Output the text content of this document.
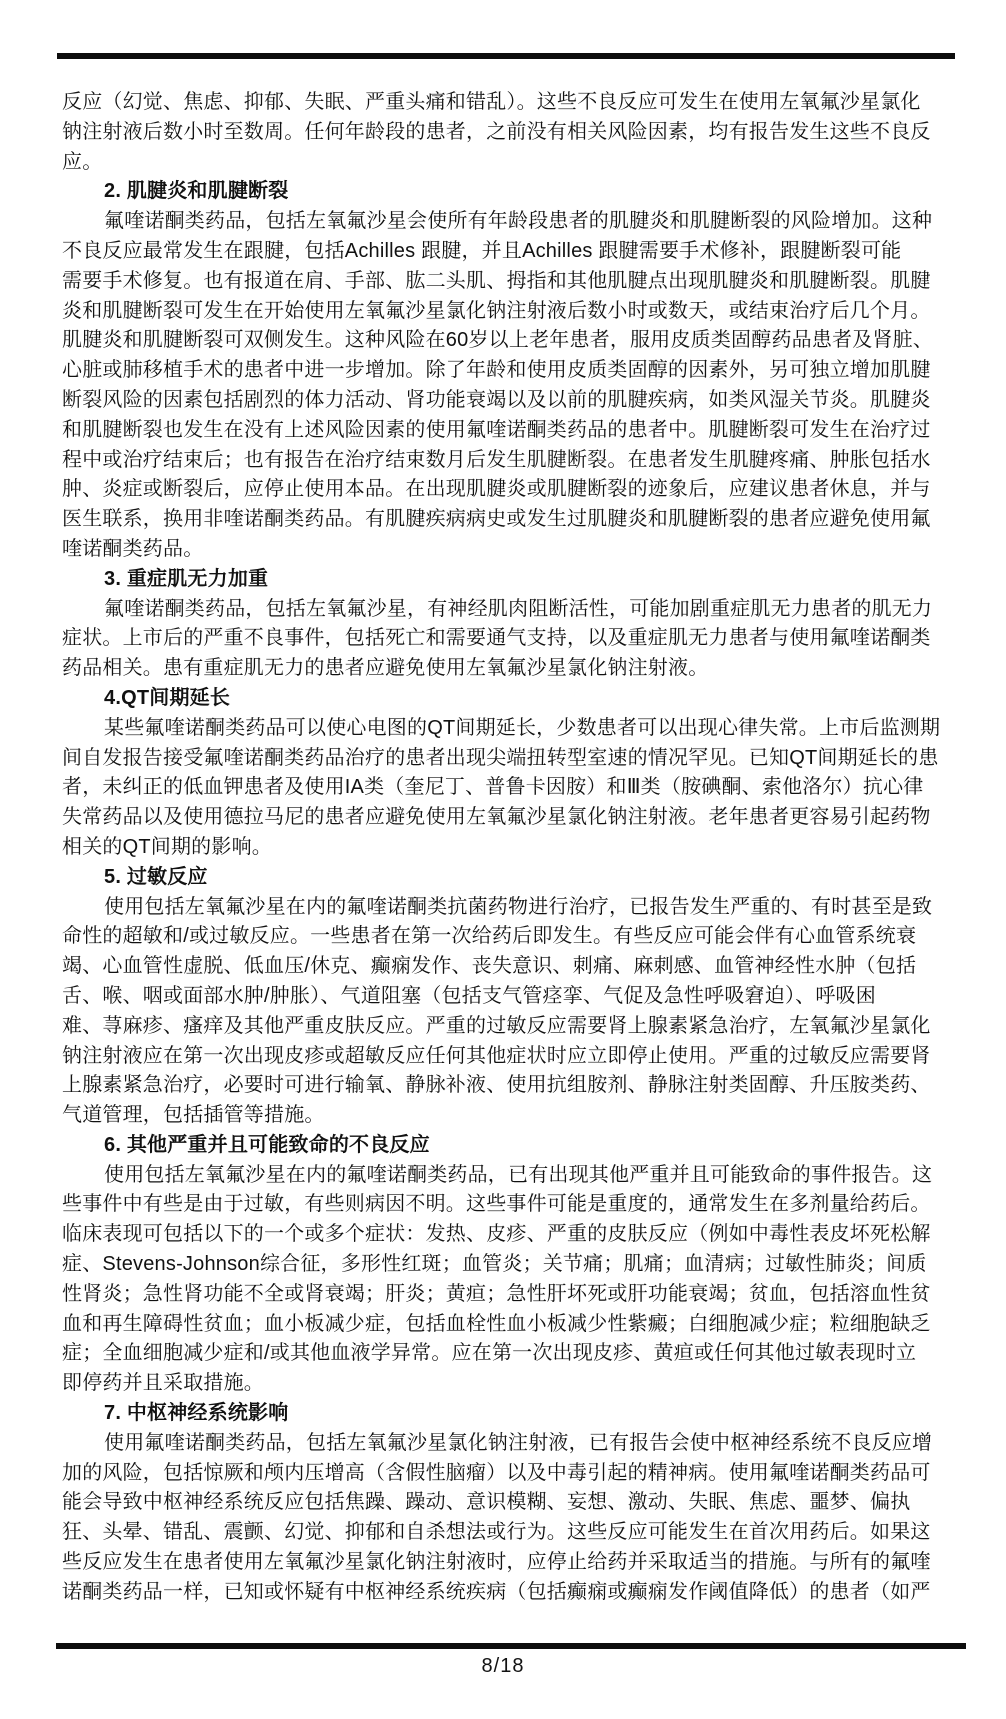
反应（幻觉、焦虑、抑郁、失眠、严重头痛和错乱）。这些不良反应可发生在使用左氧氟沙星氯化
钠注射液后数小时至数周。任何年龄段的患者，之前没有相关风险因素，均有报告发生这些不良反
应。
2. 肌腱炎和肌腱断裂
氟喹诺酮类药品，包括左氧氟沙星会使所有年龄段患者的肌腱炎和肌腱断裂的风险增加。这种
不良反应最常发生在跟腱，包括Achilles 跟腱，并且Achilles 跟腱需要手术修补，跟腱断裂可能
需要手术修复。也有报道在肩、手部、肱二头肌、拇指和其他肌腱点出现肌腱炎和肌腱断裂。肌腱
炎和肌腱断裂可发生在开始使用左氧氟沙星氯化钠注射液后数小时或数天，或结束治疗后几个月。
肌腱炎和肌腱断裂可双侧发生。这种风险在60岁以上老年患者，服用皮质类固醇药品患者及肾脏、
心脏或肺移植手术的患者中进一步增加。除了年龄和使用皮质类固醇的因素外，另可独立增加肌腱
断裂风险的因素包括剧烈的体力活动、肾功能衰竭以及以前的肌腱疾病，如类风湿关节炎。肌腱炎
和肌腱断裂也发生在没有上述风险因素的使用氟喹诺酮类药品的患者中。肌腱断裂可发生在治疗过
程中或治疗结束后；也有报告在治疗结束数月后发生肌腱断裂。在患者发生肌腱疼痛、肿胀包括水
肿、炎症或断裂后，应停止使用本品。在出现肌腱炎或肌腱断裂的迹象后，应建议患者休息，并与
医生联系，换用非喹诺酮类药品。有肌腱疾病病史或发生过肌腱炎和肌腱断裂的患者应避免使用氟
喹诺酮类药品。
3. 重症肌无力加重
氟喹诺酮类药品，包括左氧氟沙星，有神经肌肉阻断活性，可能加剧重症肌无力患者的肌无力
症状。上市后的严重不良事件，包括死亡和需要通气支持，以及重症肌无力患者与使用氟喹诺酮类
药品相关。患有重症肌无力的患者应避免使用左氧氟沙星氯化钠注射液。
4.QT间期延长
某些氟喹诺酮类药品可以使心电图的QT间期延长，少数患者可以出现心律失常。上市后监测期
间自发报告接受氟喹诺酮类药品治疗的患者出现尖端扭转型室速的情况罕见。已知QT间期延长的患
者，未纠正的低血钾患者及使用IA类（奎尼丁、普鲁卡因胺）和Ⅲ类（胺碘酮、索他洛尔）抗心律
失常药品以及使用德拉马尼的患者应避免使用左氧氟沙星氯化钠注射液。老年患者更容易引起药物
相关的QT间期的影响。
5. 过敏反应
使用包括左氧氟沙星在内的氟喹诺酮类抗菌药物进行治疗，已报告发生严重的、有时甚至是致
命性的超敏和/或过敏反应。一些患者在第一次给药后即发生。有些反应可能会伴有心血管系统衰
竭、心血管性虚脱、低血压/休克、癫痫发作、丧失意识、刺痛、麻刺感、血管神经性水肿（包括
舌、喉、咽或面部水肿/肿胀）、气道阻塞（包括支气管痉挛、气促及急性呼吸窘迫）、呼吸困
难、荨麻疹、瘙痒及其他严重皮肤反应。严重的过敏反应需要肾上腺素紧急治疗，左氧氟沙星氯化
钠注射液应在第一次出现皮疹或超敏反应任何其他症状时应立即停止使用。严重的过敏反应需要肾
上腺素紧急治疗，必要时可进行输氧、静脉补液、使用抗组胺剂、静脉注射类固醇、升压胺类药、
气道管理，包括插管等措施。
6. 其他严重并且可能致命的不良反应
使用包括左氧氟沙星在内的氟喹诺酮类药品，已有出现其他严重并且可能致命的事件报告。这
些事件中有些是由于过敏，有些则病因不明。这些事件可能是重度的，通常发生在多剂量给药后。
临床表现可包括以下的一个或多个症状：发热、皮疹、严重的皮肤反应（例如中毒性表皮坏死松解
症、Stevens-Johnson综合征，多形性红斑；血管炎；关节痛；肌痛；血清病；过敏性肺炎；间质
性肾炎；急性肾功能不全或肾衰竭；肝炎；黄疸；急性肝坏死或肝功能衰竭；贫血，包括溶血性贫
血和再生障碍性贫血；血小板减少症，包括血栓性血小板减少性紫癜；白细胞减少症；粒细胞缺乏
症；全血细胞减少症和/或其他血液学异常。应在第一次出现皮疹、黄疸或任何其他过敏表现时立
即停药并且采取措施。
7. 中枢神经系统影响
使用氟喹诺酮类药品，包括左氧氟沙星氯化钠注射液，已有报告会使中枢神经系统不良反应增
加的风险，包括惊厥和颅内压增高（含假性脑瘤）以及中毒引起的精神病。使用氟喹诺酮类药品可
能会导致中枢神经系统反应包括焦躁、躁动、意识模糊、妄想、激动、失眠、焦虑、噩梦、偏执
狂、头晕、错乱、震颤、幻觉、抑郁和自杀想法或行为。这些反应可能发生在首次用药后。如果这
些反应发生在患者使用左氧氟沙星氯化钠注射液时，应停止给药并采取适当的措施。与所有的氟喹
诺酮类药品一样，已知或怀疑有中枢神经系统疾病（包括癫痫或癫痫发作阈值降低）的患者（如严
8/18
